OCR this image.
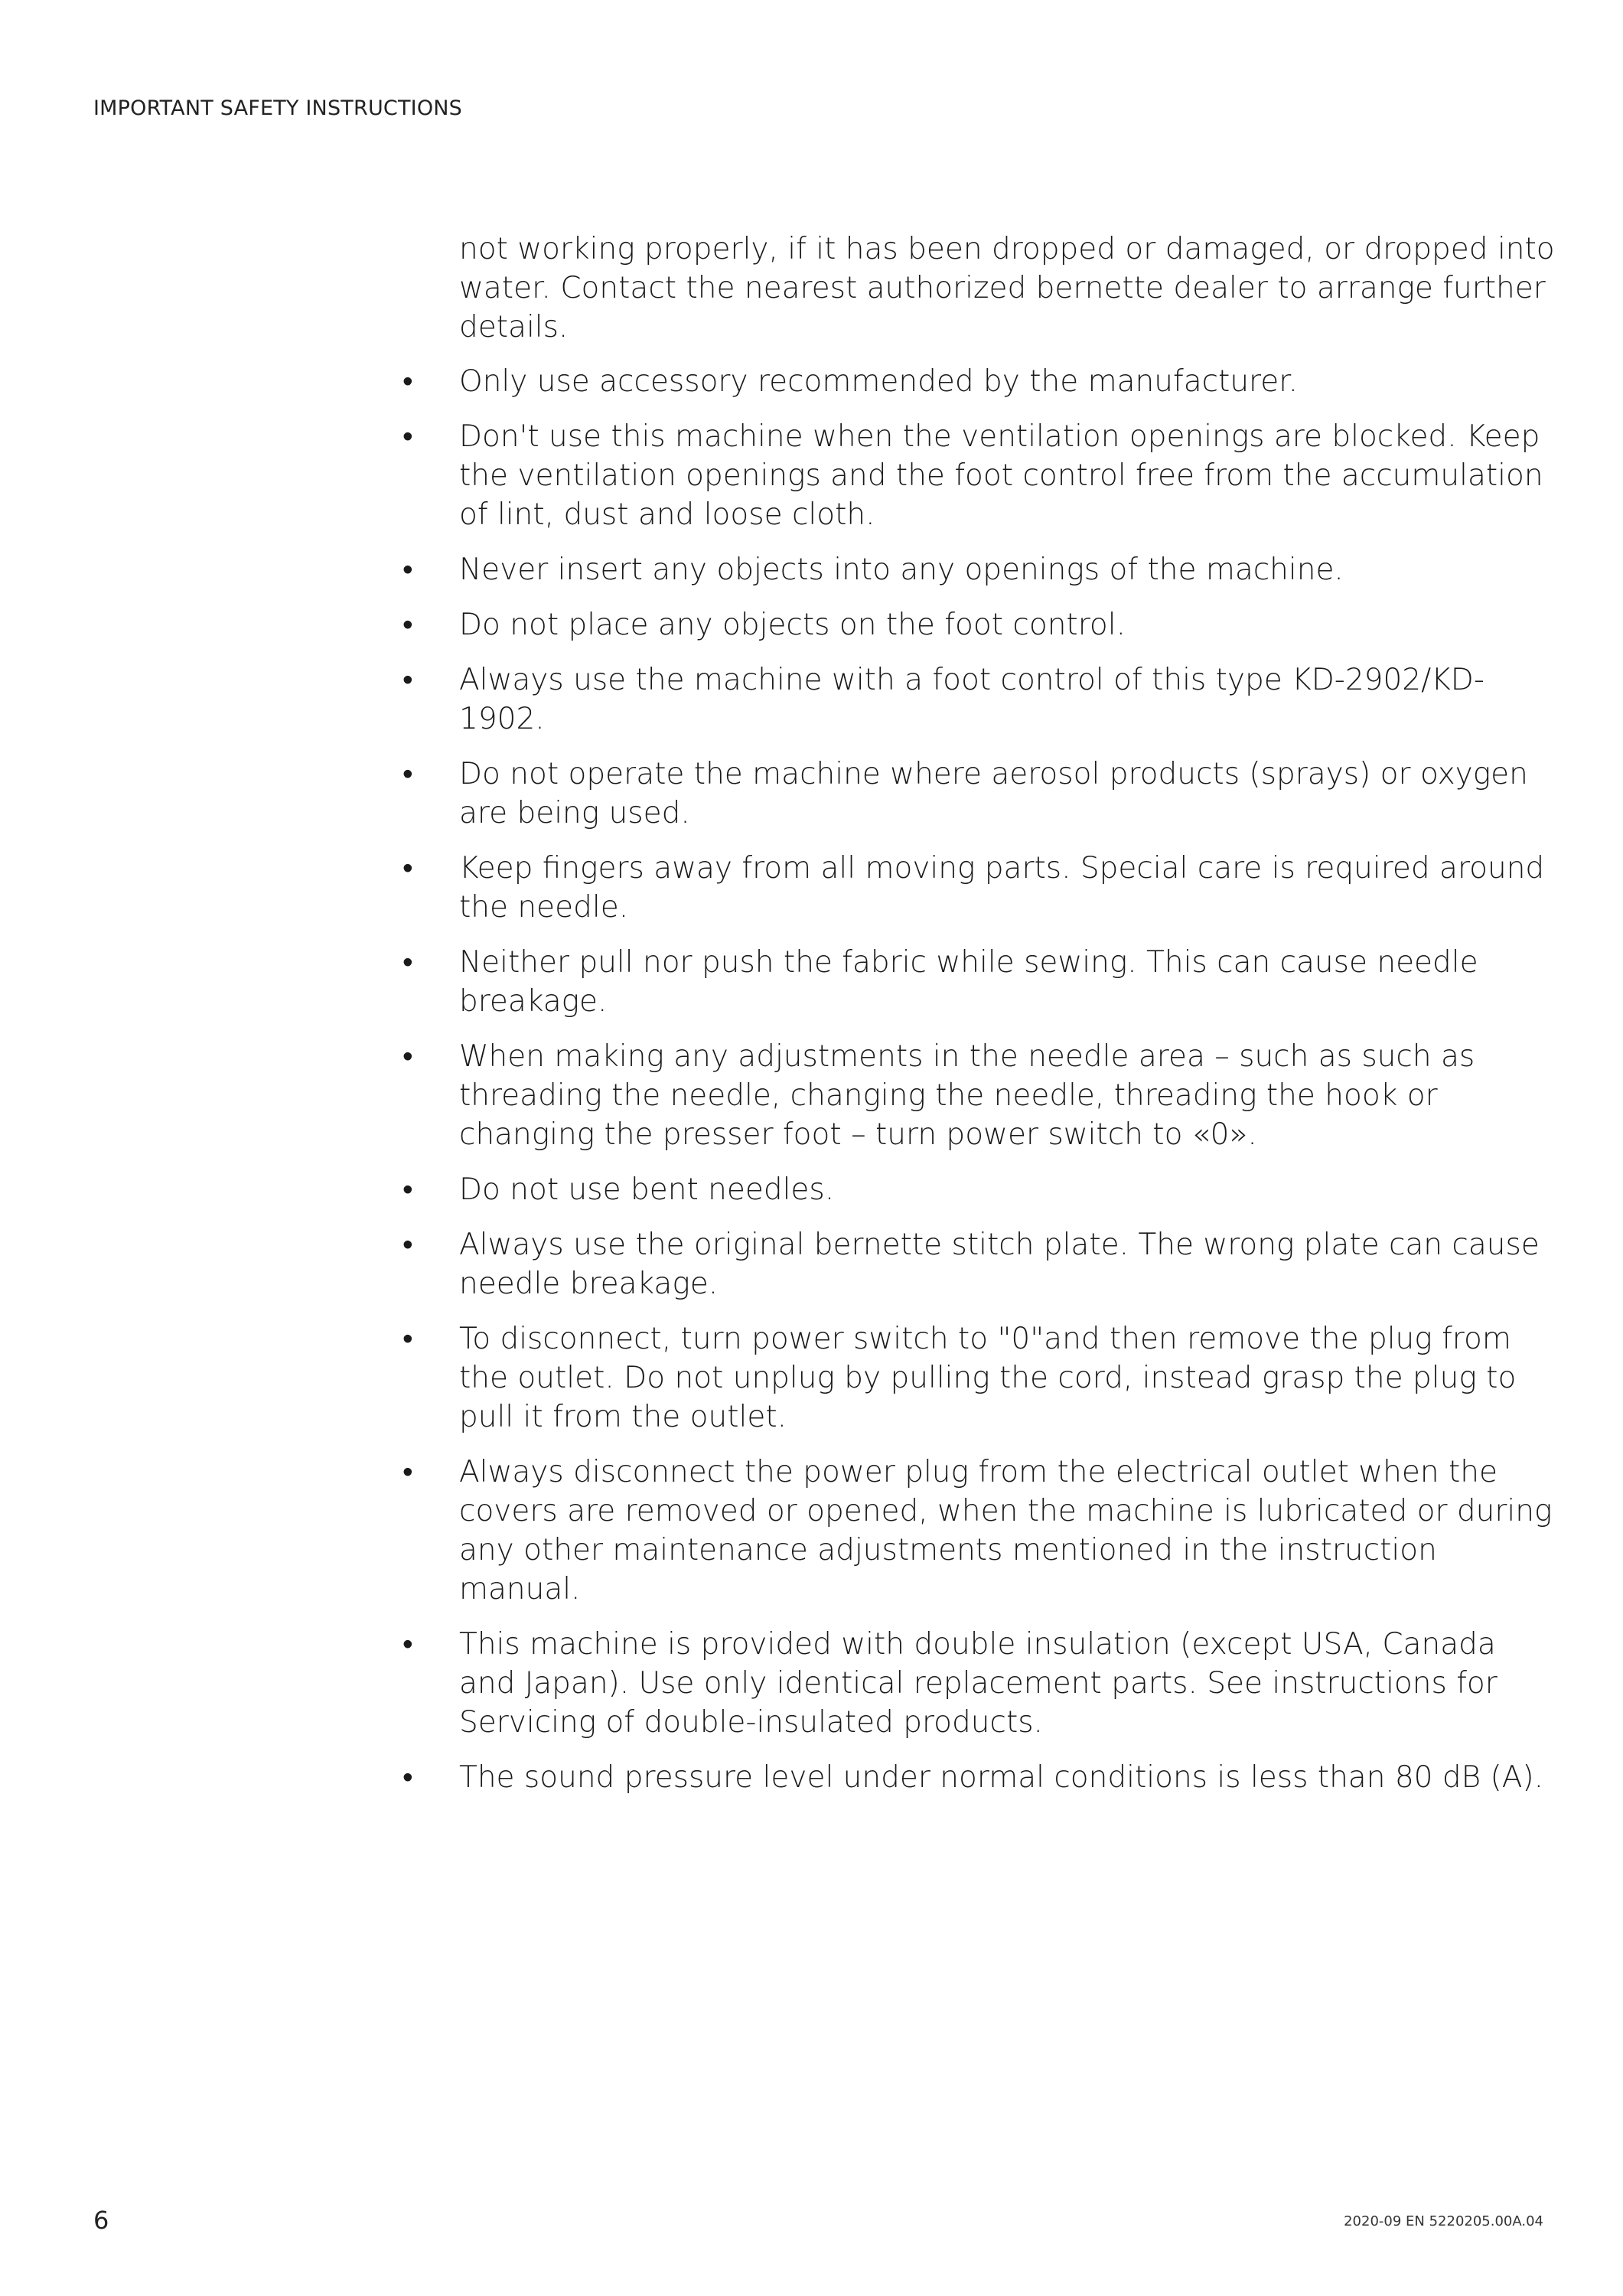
IMPORTANT SAFETY INSTRUCTIONS

not working properly, if it has been dropped or damaged, or dropped into water. Contact the nearest authorized bernette dealer to arrange further details.

• Only use accessory recommended by the manufacturer.
• Don't use this machine when the ventilation openings are blocked. Keep the ventilation openings and the foot control free from the accumulation of lint, dust and loose cloth.
• Never insert any objects into any openings of the machine.
• Do not place any objects on the foot control.
• Always use the machine with a foot control of this type KD-2902/KD-1902.
• Do not operate the machine where aerosol products (sprays) or oxygen are being used.
• Keep fingers away from all moving parts. Special care is required around the needle.
• Neither pull nor push the fabric while sewing. This can cause needle breakage.
• When making any adjustments in the needle area – such as such as threading the needle, changing the needle, threading the hook or changing the presser foot – turn power switch to «0».
• Do not use bent needles.
• Always use the original bernette stitch plate. The wrong plate can cause needle breakage.
• To disconnect, turn power switch to "0"and then remove the plug from the outlet. Do not unplug by pulling the cord, instead grasp the plug to pull it from the outlet.
• Always disconnect the power plug from the electrical outlet when the covers are removed or opened, when the machine is lubricated or during any other maintenance adjustments mentioned in the instruction manual.
• This machine is provided with double insulation (except USA, Canada and Japan). Use only identical replacement parts. See instructions for Servicing of double-insulated products.
• The sound pressure level under normal conditions is less than 80 dB (A).
6	2020-09 EN 5220205.00A.04
